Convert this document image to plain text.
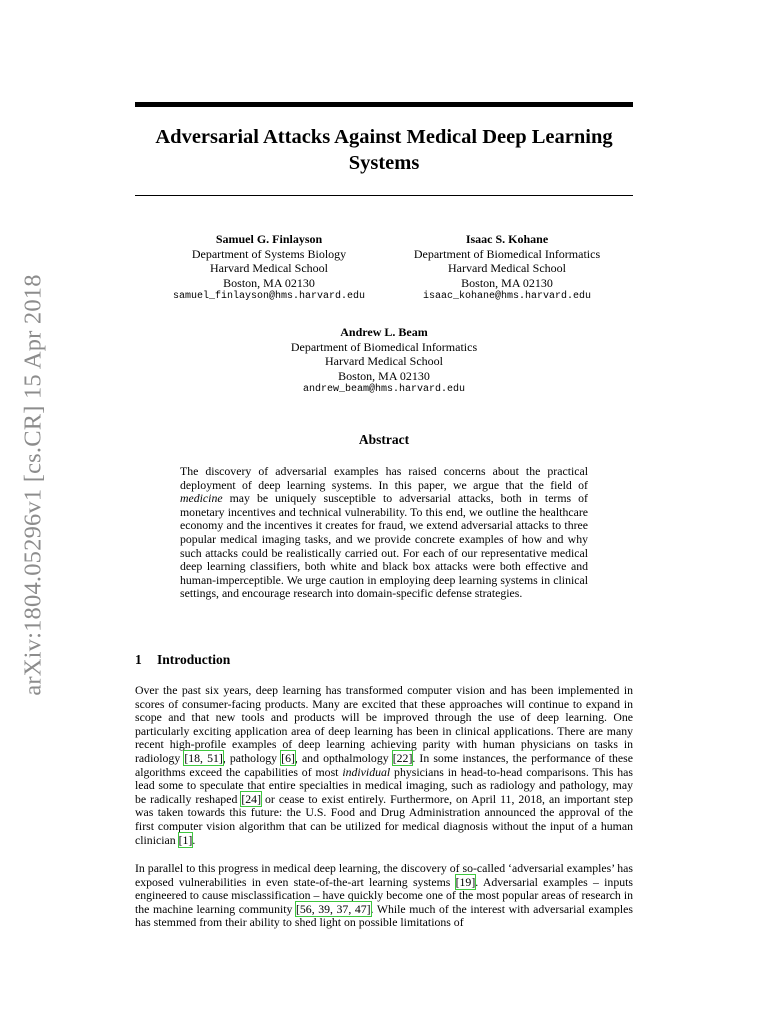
arXiv:1804.05296v1 [cs.CR] 15 Apr 2018
Adversarial Attacks Against Medical Deep Learning Systems
Samuel G. Finlayson
Department of Systems Biology
Harvard Medical School
Boston, MA 02130
samuel_finlayson@hms.harvard.edu
Isaac S. Kohane
Department of Biomedical Informatics
Harvard Medical School
Boston, MA 02130
isaac_kohane@hms.harvard.edu
Andrew L. Beam
Department of Biomedical Informatics
Harvard Medical School
Boston, MA 02130
andrew_beam@hms.harvard.edu
Abstract

The discovery of adversarial examples has raised concerns about the practical deployment of deep learning systems. In this paper, we argue that the field of medicine may be uniquely susceptible to adversarial attacks, both in terms of monetary incentives and technical vulnerability. To this end, we outline the healthcare economy and the incentives it creates for fraud, we extend adversarial attacks to three popular medical imaging tasks, and we provide concrete examples of how and why such attacks could be realistically carried out. For each of our representative medical deep learning classifiers, both white and black box attacks were both effective and human-imperceptible. We urge caution in employing deep learning systems in clinical settings, and encourage research into domain-specific defense strategies.

1 Introduction

Over the past six years, deep learning has transformed computer vision and has been implemented in scores of consumer-facing products. Many are excited that these approaches will continue to expand in scope and that new tools and products will be improved through the use of deep learning. One particularly exciting application area of deep learning has been in clinical applications. There are many recent high-profile examples of deep learning achieving parity with human physicians on tasks in radiology [18, 51], pathology [6], and opthalmology [22]. In some instances, the performance of these algorithms exceed the capabilities of most individual physicians in head-to-head comparisons. This has lead some to speculate that entire specialties in medical imaging, such as radiology and pathology, may be radically reshaped [24] or cease to exist entirely. Furthermore, on April 11, 2018, an important step was taken towards this future: the U.S. Food and Drug Administration announced the approval of the first computer vision algorithm that can be utilized for medical diagnosis without the input of a human clinician [1].

In parallel to this progress in medical deep learning, the discovery of so-called ‘adversarial examples’ has exposed vulnerabilities in even state-of-the-art learning systems [19]. Adversarial examples – inputs engineered to cause misclassification – have quickly become one of the most popular areas of research in the machine learning community [56, 39, 37, 47]. While much of the interest with adversarial examples has stemmed from their ability to shed light on possible limitations of
